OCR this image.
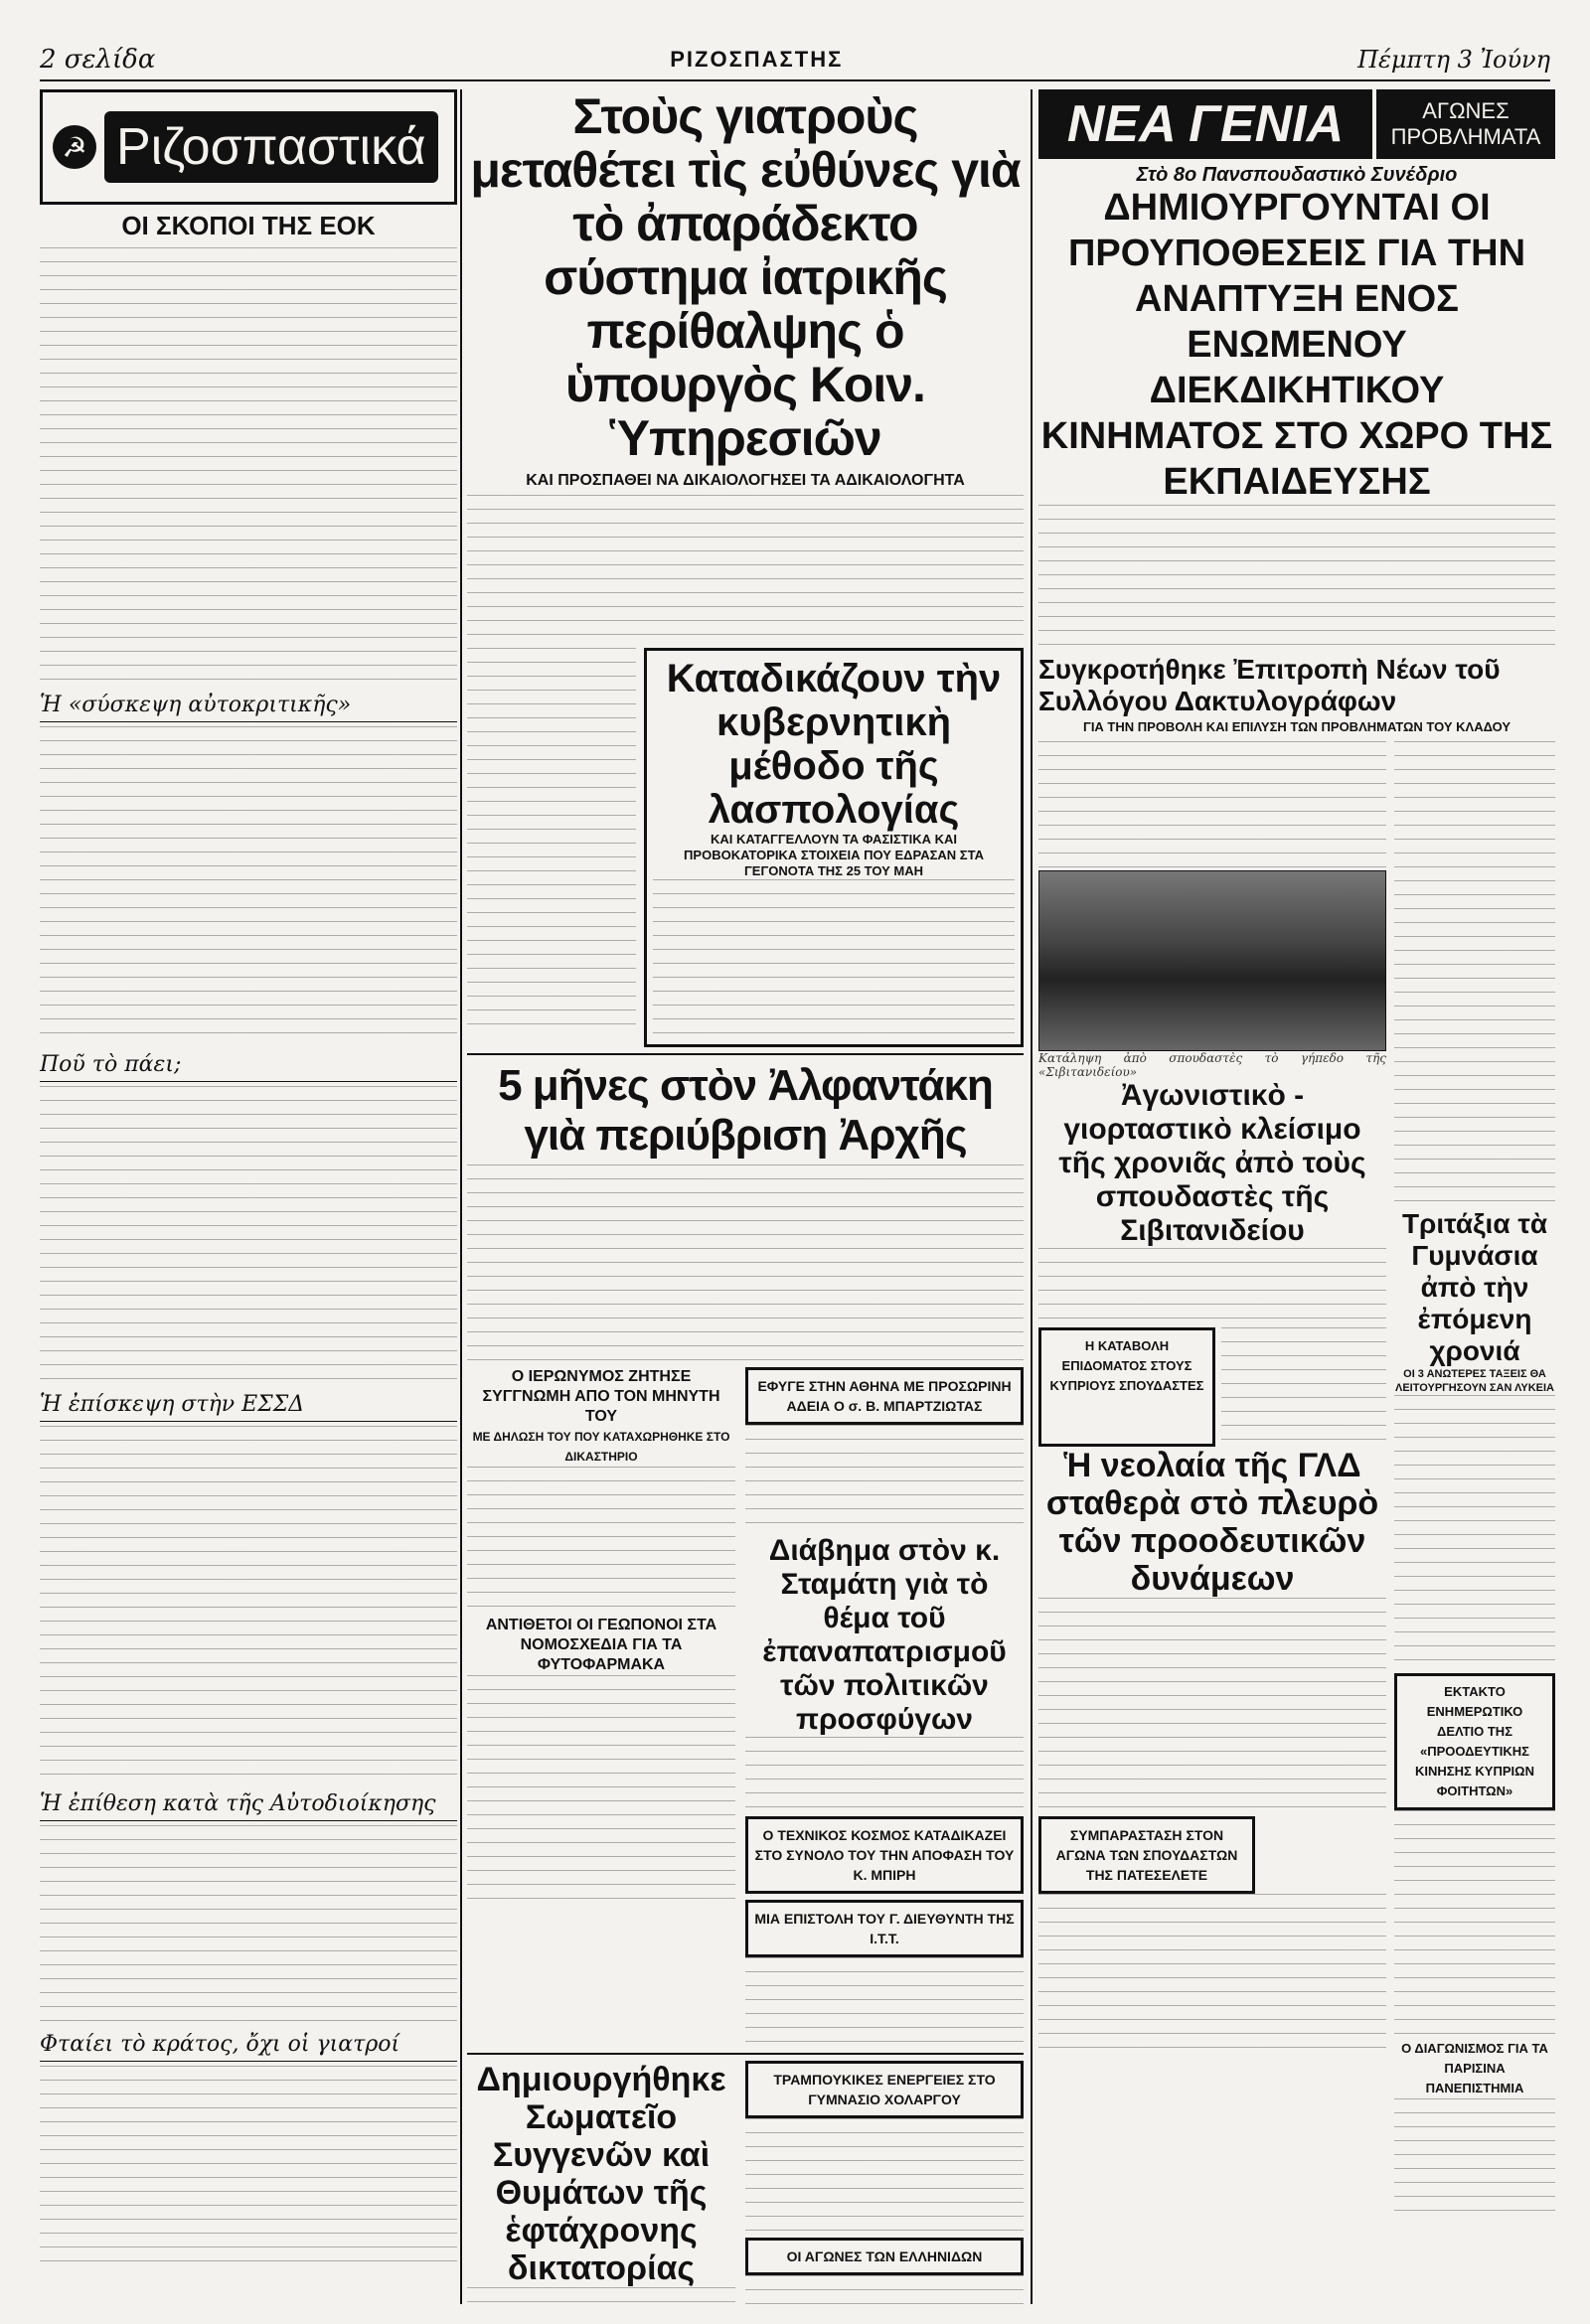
2 σελίδα	ΡΙΖΟΣΠΑΣΤΗΣ	Πέμπτη 3 Ἰούνη
☭ Ριζοσπαστικά
ΟΙ ΣΚΟΠΟΙ ΤΗΣ ΕΟΚ
Ἡ «σύσκεψη αὐτοκριτικῆς»
Ποῦ τὸ πάει;
Ἡ ἐπίσκεψη στὴν ΕΣΣΔ
Ἡ ἐπίθεση κατὰ τῆς Αὐτοδιοίκησης
Φταίει τὸ κράτος, ὄχι οἱ γιατροί
Στοὺς γιατροὺς μεταθέτει τὶς εὐθύνες γιὰ τὸ ἀπαράδεκτο σύστημα ἰατρικῆς περίθαλψης ὁ ὑπουργὸς Κοιν. Ὑπηρεσιῶν
ΚΑΙ ΠΡΟΣΠΑΘΕΙ ΝΑ ΔΙΚΑΙΟΛΟΓΗΣΕΙ ΤΑ ΑΔΙΚΑΙΟΛΟΓΗΤΑ
Καταδικάζουν τὴν κυβερνητικὴ μέθοδο τῆς λασπολογίας
ΚΑΙ ΚΑΤΑΓΓΕΛΛΟΥΝ ΤΑ ΦΑΣΙΣΤΙΚΑ ΚΑΙ ΠΡΟΒΟΚΑΤΟΡΙΚΑ ΣΤΟΙΧΕΙΑ ΠΟΥ ΕΔΡΑΣΑΝ ΣΤΑ ΓΕΓΟΝΟΤΑ ΤΗΣ 25 ΤΟΥ ΜΑΗ
5 μῆνες στὸν Ἀλφαντάκη γιὰ περιύβριση Ἀρχῆς
Ο ΙΕΡΩΝΥΜΟΣ ΖΗΤΗΣΕ ΣΥΓΓΝΩΜΗ ΑΠΟ ΤΟΝ ΜΗΝΥΤΗ ΤΟΥ
ΜΕ ΔΗΛΩΣΗ ΤΟΥ ΠΟΥ ΚΑΤΑΧΩΡΗΘΗΚΕ ΣΤΟ ΔΙΚΑΣΤΗΡΙΟ
ΑΝΤΙΘΕΤΟΙ ΟΙ ΓΕΩΠΟΝΟΙ ΣΤΑ ΝΟΜΟΣΧΕΔΙΑ ΓΙΑ ΤΑ ΦΥΤΟΦΑΡΜΑΚΑ
ΕΦΥΓΕ ΣΤΗΝ ΑΘΗΝΑ ΜΕ ΠΡΟΣΩΡΙΝΗ ΑΔΕΙΑ Ο σ. Β. ΜΠΑΡΤΖΙΩΤΑΣ
Διάβημα στὸν κ. Σταμάτη γιὰ τὸ θέμα τοῦ ἐπαναπατρισμοῦ τῶν πολιτικῶν προσφύγων
Ο ΤΕΧΝΙΚΟΣ ΚΟΣΜΟΣ ΚΑΤΑΔΙΚΑΖΕΙ ΣΤΟ ΣΥΝΟΛΟ ΤΟΥ ΤΗΝ ΑΠΟΦΑΣΗ ΤΟΥ Κ. ΜΠΙΡΗ
ΜΙΑ ΕΠΙΣΤΟΛΗ ΤΟΥ Γ. ΔΙΕΥΘΥΝΤΗ ΤΗΣ Ι.Τ.Τ.
Δημιουργήθηκε Σωματεῖο Συγγενῶν καὶ Θυμάτων τῆς ἑφτάχρονης δικτατορίας
ΤΡΑΜΠΟΥΚΙΚΕΣ ΕΝΕΡΓΕΙΕΣ ΣΤΟ ΓΥΜΝΑΣΙΟ ΧΟΛΑΡΓΟΥ
ΟΙ ΑΓΩΝΕΣ ΤΩΝ ΕΛΛΗΝΙΔΩΝ
ΝΕΑ ΓΕΝΙΑ	ΑΓΩΝΕΣ ΠΡΟΒΛΗΜΑΤΑ
Στὸ 8ο Πανσπουδαστικὸ Συνέδριο
ΔΗΜΙΟΥΡΓΟΥΝΤΑΙ ΟΙ ΠΡΟΥΠΟΘΕΣΕΙΣ ΓΙΑ ΤΗΝ ΑΝΑΠΤΥΞΗ ΕΝΟΣ ΕΝΩΜΕΝΟΥ ΔΙΕΚΔΙΚΗΤΙΚΟΥ ΚΙΝΗΜΑΤΟΣ ΣΤΟ ΧΩΡΟ ΤΗΣ ΕΚΠΑΙΔΕΥΣΗΣ
Συγκροτήθηκε Ἐπιτροπὴ Νέων τοῦ Συλλόγου Δακτυλογράφων
ΓΙΑ ΤΗΝ ΠΡΟΒΟΛΗ ΚΑΙ ΕΠΙΛΥΣΗ ΤΩΝ ΠΡΟΒΛΗΜΑΤΩΝ ΤΟΥ ΚΛΑΔΟΥ
Κατάληψη ἀπὸ σπουδαστὲς τὸ γήπεδο τῆς «Σιβιτανιδείου»
Ἀγωνιστικὸ - γιορταστικὸ κλείσιμο τῆς χρονιᾶς ἀπὸ τοὺς σπουδαστὲς τῆς Σιβιτανιδείου
Η ΚΑΤΑΒΟΛΗ ΕΠΙΔΟΜΑΤΟΣ ΣΤΟΥΣ ΚΥΠΡΙΟΥΣ ΣΠΟΥΔΑΣΤΕΣ
Ἡ νεολαία τῆς ΓΛΔ σταθερὰ στὸ πλευρὸ τῶν προοδευτικῶν δυνάμεων
ΣΥΜΠΑΡΑΣΤΑΣΗ ΣΤΟΝ ΑΓΩΝΑ ΤΩΝ ΣΠΟΥΔΑΣΤΩΝ ΤΗΣ ΠΑΤΕΣΕΛΕΤΕ
Τριτάξια τὰ Γυμνάσια ἀπὸ τὴν ἐπόμενη χρονιά
ΟΙ 3 ΑΝΩΤΕΡΕΣ ΤΑΞΕΙΣ ΘΑ ΛΕΙΤΟΥΡΓΗΣΟΥΝ ΣΑΝ ΛΥΚΕΙΑ
ΕΚΤΑΚΤΟ ΕΝΗΜΕΡΩΤΙΚΟ ΔΕΛΤΙΟ ΤΗΣ «ΠΡΟΟΔΕΥΤΙΚΗΣ ΚΙΝΗΣΗΣ ΚΥΠΡΙΩΝ ΦΟΙΤΗΤΩΝ»
Ο ΔΙΑΓΩΝΙΣΜΟΣ ΓΙΑ ΤΑ ΠΑΡΙΣΙΝΑ ΠΑΝΕΠΙΣΤΗΜΙΑ
